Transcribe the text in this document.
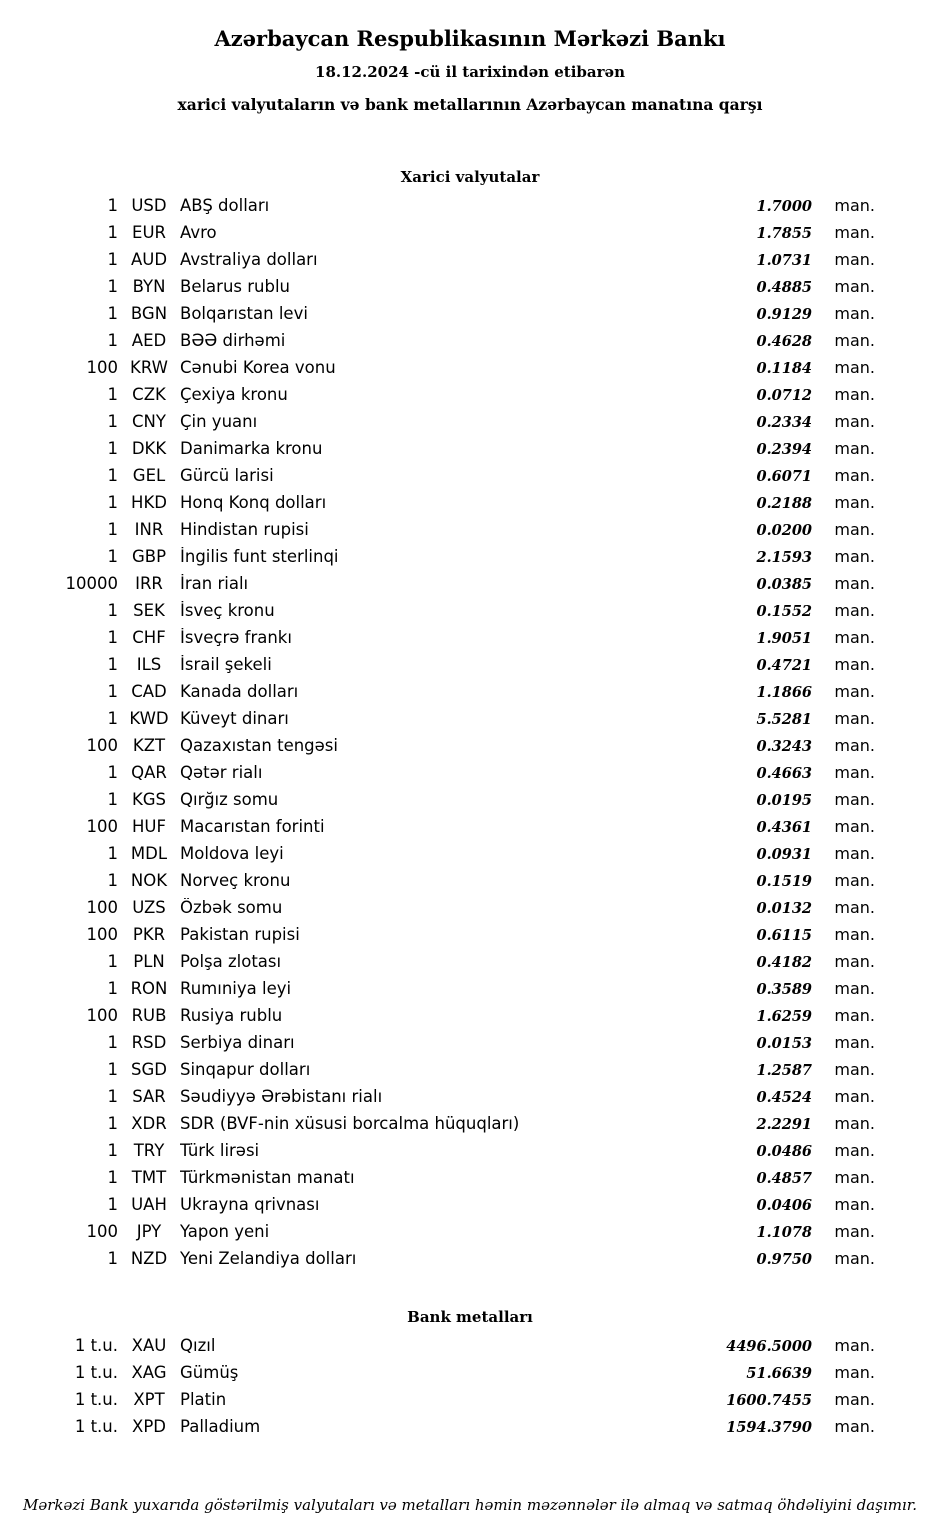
Azərbaycan Respublikasının Mərkəzi Bankı
18.12.2024 -cü il tarixindən etibarən
xarici valyutaların və bank metallarının Azərbaycan manatına qarşı
Xarici valyutalar
1 USD ABŞ dolları	1.7000	man.
1 EUR Avro	1.7855	man.
1 AUD Avstraliya dolları	1.0731	man.
1 BYN Belarus rublu	0.4885	man.
1 BGN Bolqarıstan levi	0.9129	man.
1 AED BƏƏ dirhəmi	0.4628	man.
100 KRW Cənubi Korea vonu	0.1184	man.
1 CZK Çexiya kronu	0.0712	man.
1 CNY Çin yuanı	0.2334	man.
1 DKK Danimarka kronu	0.2394	man.
1 GEL Gürcü larisi	0.6071	man.
1 HKD Honq Konq dolları	0.2188	man.
1	INR	Hindistan rupisi	0.0200	man.
1 GBP İngilis funt sterlinqi	2.1593	man.
10000	IRR	İran rialı	0.0385	man.
1 SEK İsveç kronu	0.1552	man.
1 CHF İsveçrə frankı	1.9051	man.
1	ILS	İsrail şekeli	0.4721	man.
1 CAD Kanada dolları	1.1866	man.
1 KWD Küveyt dinarı	5.5281	man.
100 KZT Qazaxıstan tengəsi	0.3243	man.
1 QAR Qətər rialı	0.4663	man.
1 KGS Qırğız somu	0.0195	man.
100 HUF Macarıstan forinti	0.4361	man.
1 MDL Moldova leyi	0.0931	man.
1 NOK Norveç kronu	0.1519	man.
100 UZS Özbək somu	0.0132	man.
100 PKR Pakistan rupisi	0.6115	man.
1 PLN Polşa zlotası	0.4182	man.
1 RON Rumıniya leyi	0.3589	man.
100 RUB Rusiya rublu	1.6259	man.
1 RSD Serbiya dinarı	0.0153	man.
1 SGD Sinqapur dolları	1.2587	man.
1 SAR Səudiyyə Ərəbistanı rialı	0.4524	man.
1 XDR SDR (BVF-nin xüsusi borcalma hüquqları)	2.2291	man.
1 TRY Türk lirəsi	0.0486	man.
1 TMT Türkmənistan manatı	0.4857	man.
1 UAH Ukrayna qrivnası	0.0406	man.
100	JPY	Yapon yeni	1.1078	man.
1 NZD Yeni Zelandiya dolları	0.9750	man.
Bank metalları
1 t.u. XAU Qızıl	4496.5000	man.
1 t.u. XAG Gümüş	51.6639	man.
1 t.u. XPT Platin	1600.7455	man.
1 t.u. XPD Palladium	1594.3790	man.
Mərkəzi Bank yuxarıda göstərilmiş valyutaları və metalları həmin məzənnələr ilə almaq və satmaq öhdəliyini daşımır.
